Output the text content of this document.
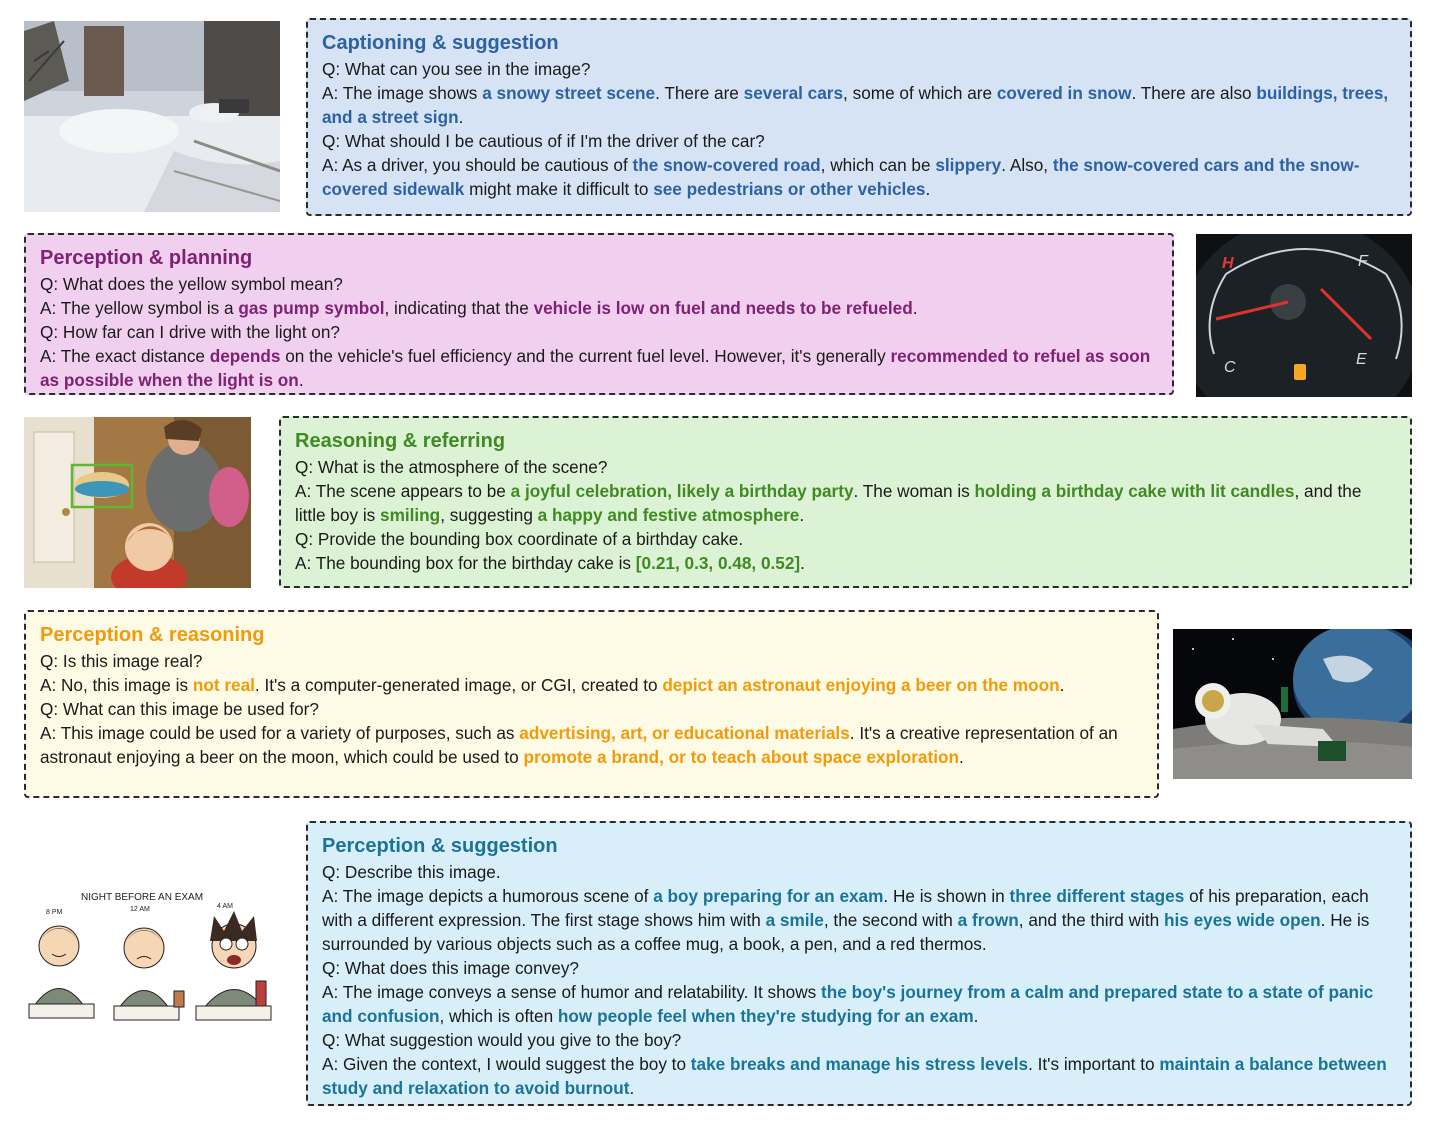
H
C
F
E
NIGHT BEFORE AN EXAM
8 PM	12 AM	4 AM
Captioning & suggestion
Q: What can you see in the image?
A: The image shows a snowy street scene. There are several cars, some of which are covered in snow. There are also buildings, trees, and a street sign.
Q: What should I be cautious of if I'm the driver of the car?
A: As a driver, you should be cautious of the snow-covered road, which can be slippery. Also, the snow-covered cars and the snow-covered sidewalk might make it difficult to see pedestrians or other vehicles.
Perception & planning
Q: What does the yellow symbol mean?
A: The yellow symbol is a gas pump symbol, indicating that the vehicle is low on fuel and needs to be refueled.
Q: How far can I drive with the light on?
A: The exact distance depends on the vehicle's fuel efficiency and the current fuel level. However, it's generally recommended to refuel as soon as possible when the light is on.
Reasoning & referring
Q: What is the atmosphere of the scene?
A: The scene appears to be a joyful celebration, likely a birthday party. The woman is holding a birthday cake with lit candles, and the little boy is smiling, suggesting a happy and festive atmosphere.
Q: Provide the bounding box coordinate of a birthday cake.
A: The bounding box for the birthday cake is [0.21, 0.3, 0.48, 0.52].
Perception & reasoning
Q: Is this image real?
A: No, this image is not real. It's a computer-generated image, or CGI, created to depict an astronaut enjoying a beer on the moon.
Q: What can this image be used for?
A: This image could be used for a variety of purposes, such as advertising, art, or educational materials. It's a creative representation of an astronaut enjoying a beer on the moon, which could be used to promote a brand, or to teach about space exploration.
Perception & suggestion
Q: Describe this image.
A: The image depicts a humorous scene of a boy preparing for an exam. He is shown in three different stages of his preparation, each with a different expression. The first stage shows him with a smile, the second with a frown, and the third with his eyes wide open. He is surrounded by various objects such as a coffee mug, a book, a pen, and a red thermos.
Q: What does this image convey?
A: The image conveys a sense of humor and relatability. It shows the boy's journey from a calm and prepared state to a state of panic and confusion, which is often how people feel when they're studying for an exam.
Q: What suggestion would you give to the boy?
A: Given the context, I would suggest the boy to take breaks and manage his stress levels. It's important to maintain a balance between study and relaxation to avoid burnout.
